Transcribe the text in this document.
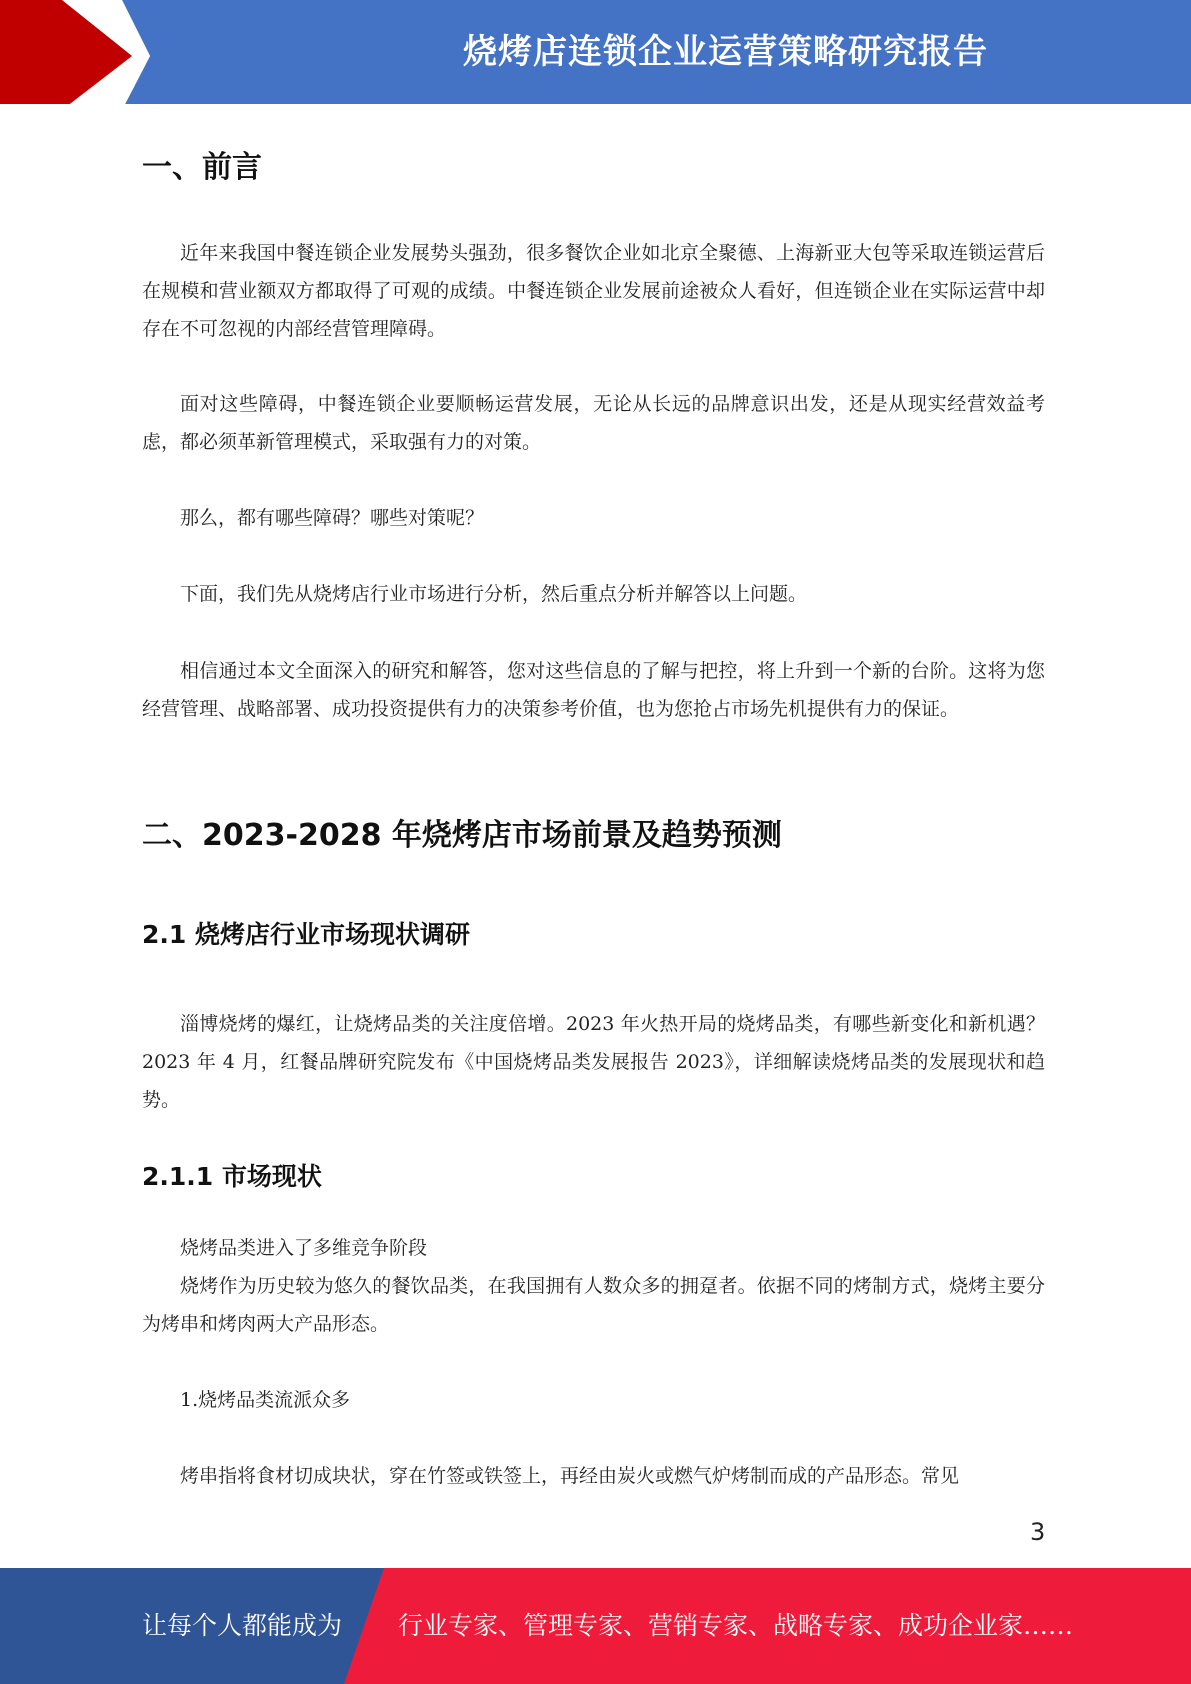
烧烤店连锁企业运营策略研究报告
一、前言

近年来我国中餐连锁企业发展势头强劲，很多餐饮企业如北京全聚德、上海新亚大包等采取连锁运营后在规模和营业额双方都取得了可观的成绩。中餐连锁企业发展前途被众人看好，但连锁企业在实际运营中却存在不可忽视的内部经营管理障碍。

面对这些障碍，中餐连锁企业要顺畅运营发展，无论从长远的品牌意识出发，还是从现实经营效益考虑，都必须革新管理模式，采取强有力的对策。

那么，都有哪些障碍？哪些对策呢？

下面，我们先从烧烤店行业市场进行分析，然后重点分析并解答以上问题。

相信通过本文全面深入的研究和解答，您对这些信息的了解与把控，将上升到一个新的台阶。这将为您经营管理、战略部署、成功投资提供有力的决策参考价值，也为您抢占市场先机提供有力的保证。

二、2023-2028 年烧烤店市场前景及趋势预测
2.1 烧烤店行业市场现状调研

淄博烧烤的爆红，让烧烤品类的关注度倍增。2023 年火热开局的烧烤品类，有哪些新变化和新机遇？2023 年 4 月，红餐品牌研究院发布《中国烧烤品类发展报告 2023》，详细解读烧烤品类的发展现状和趋势。

2.1.1 市场现状

烧烤品类进入了多维竞争阶段

烧烤作为历史较为悠久的餐饮品类，在我国拥有人数众多的拥趸者。依据不同的烤制方式，烧烤主要分为烤串和烤肉两大产品形态。

1.烧烤品类流派众多

烤串指将食材切成块状，穿在竹签或铁签上，再经由炭火或燃气炉烤制而成的产品形态。常见

3
让每个人都能成为 行业专家、管理专家、营销专家、战略专家、成功企业家……
